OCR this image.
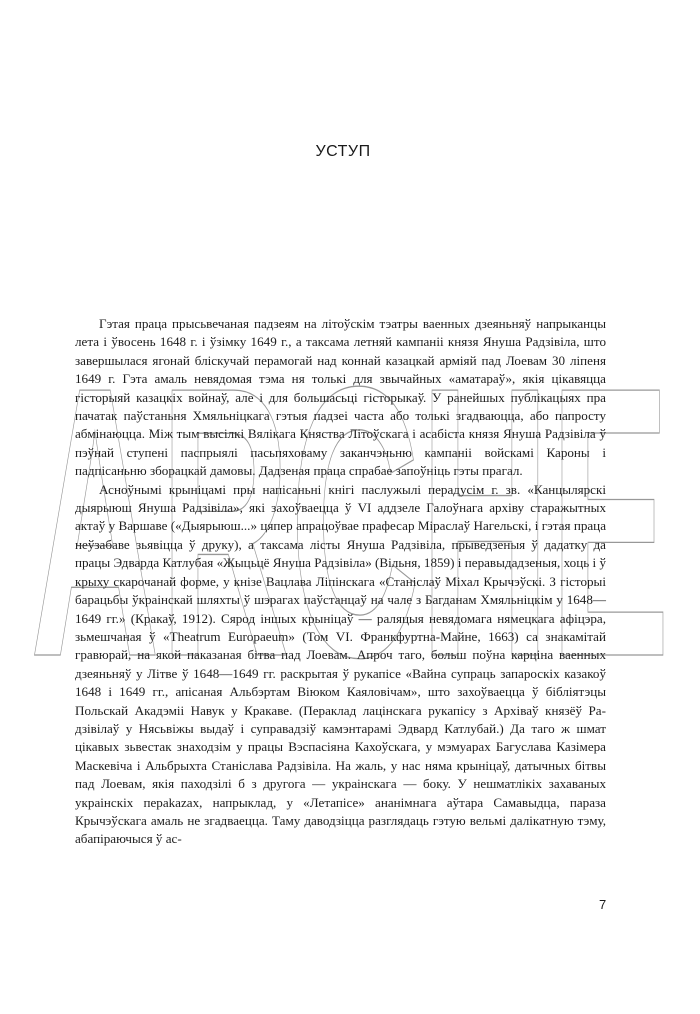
УСТУП

Гэтая праца прысьвечаная падзеям на літоўскім тэатры ваенных дзеяньняў напрыканцы лета і ўвосень 1648 г. і ўзімку 1649 г., а таксама летняй кампаніі князя Януша Радзівіла, што завершылася ягонай бліскучай перамогай над коннай казацкай арміяй пад Лоевам 30 ліпеня 1649 г. Гэта амаль невядомая тэма ня толькі для звычайных «аматараў», якія цікавяцца гісторыяй казацкіх войнаў, але і для большасьці гісторыкаў. У ранейшых публікацыях пра пачатак паўстаньня Хмяльніцкага гэтыя падзеі часта або толькі згадваюцца, або папросту абмінаюцца. Між тым высілкі Вялікага Княства Літоўскага і асабіста князя Януша Радзівіла ў пэўнай ступені паспрыялі пасьпяховаму заканчэньню кампаніі войскамі Кароны і падпісаньню зборацкай дамовы. Дадзеная праца спрабае запоўніць гэты прагал.

Асноўнымі крыніцамі пры напісаньні кнігі паслужылі перадусім г. зв. «Канцылярскі дыярыюш Януша Радзівіла», які захоўваецца ў VI аддзеле Галоўнага архіву старажытных актаў у Варшаве («Дыярыюш...» цяпер апрацоўвае прафесар Міраслаў Нагельскі, і гэтая праца неўзабаве зьявіцца ў друку), а таксама лісты Януша Радзівіла, прыведзеныя ў дадатку да працы Эдварда Катлубая «Жыцьцё Януша Радзівіла» (Вільня, 1859) і перавыдадзеныя, хоць і ў крыху скарочанай форме, у кнізе Вацлава Ліпінскага «Станіслаў Міхал Крычэўскі. З гісторыі барацьбы ўкраінскай шляхты ў шэрагах паўстанцаў на чале з Багданам Хмяльніцкім у 1648—1649 гг.» (Кракаў, 1912). Сярод іншых крыніцаў — раляцыя невядомага нямецкага афіцэра, зьмешчаная ў «Theatrum Europaeum» (Том VI. Франкфуртна-Майне, 1663) са знакамітай гравюрай, на якой паказаная бітва пад Лоевам. Апроч таго, больш поўна карціна ваенных дзеяньняў у Літве ў 1648—1649 гг. раскрытая ў рукапісе «Вайна супраць запароскіх казакоў 1648 і 1649 гг., апісаная Альбэртам Віюком Каяловічам», што захоўваецца ў бібліятэцы Польскай Акадэміі Навук у Кракаве. (Пераклад лацінскага рукапісу з Архіваў князёў Радзівілаў у Нясьвіжы выдаў і суправадзіў камэнтарамі Эдвард Катлубай.) Да таго ж шмат цікавых зьвестак знаходзім у працы Вэспасіяна Кахоўскага, у мэмуарах Багуслава Казімера Маскевіча і Альбрыхта Станіслава Радзівіла. На жаль, у нас няма крыніцаў, датычных бітвы пад Лоевам, якія паходзілі б з другога — украінскага — боку. У нешматлікіх захаваных украінскіх перakazах, напрыклад, у «Летапісе» ананімнага аўтара Самавыдца, параза Крычэўскага амаль не згадваецца. Таму даводзіцца разглядаць гэтую вельмі далікатную тэму, абапіраючыся ў ас-

7
ARCHE
